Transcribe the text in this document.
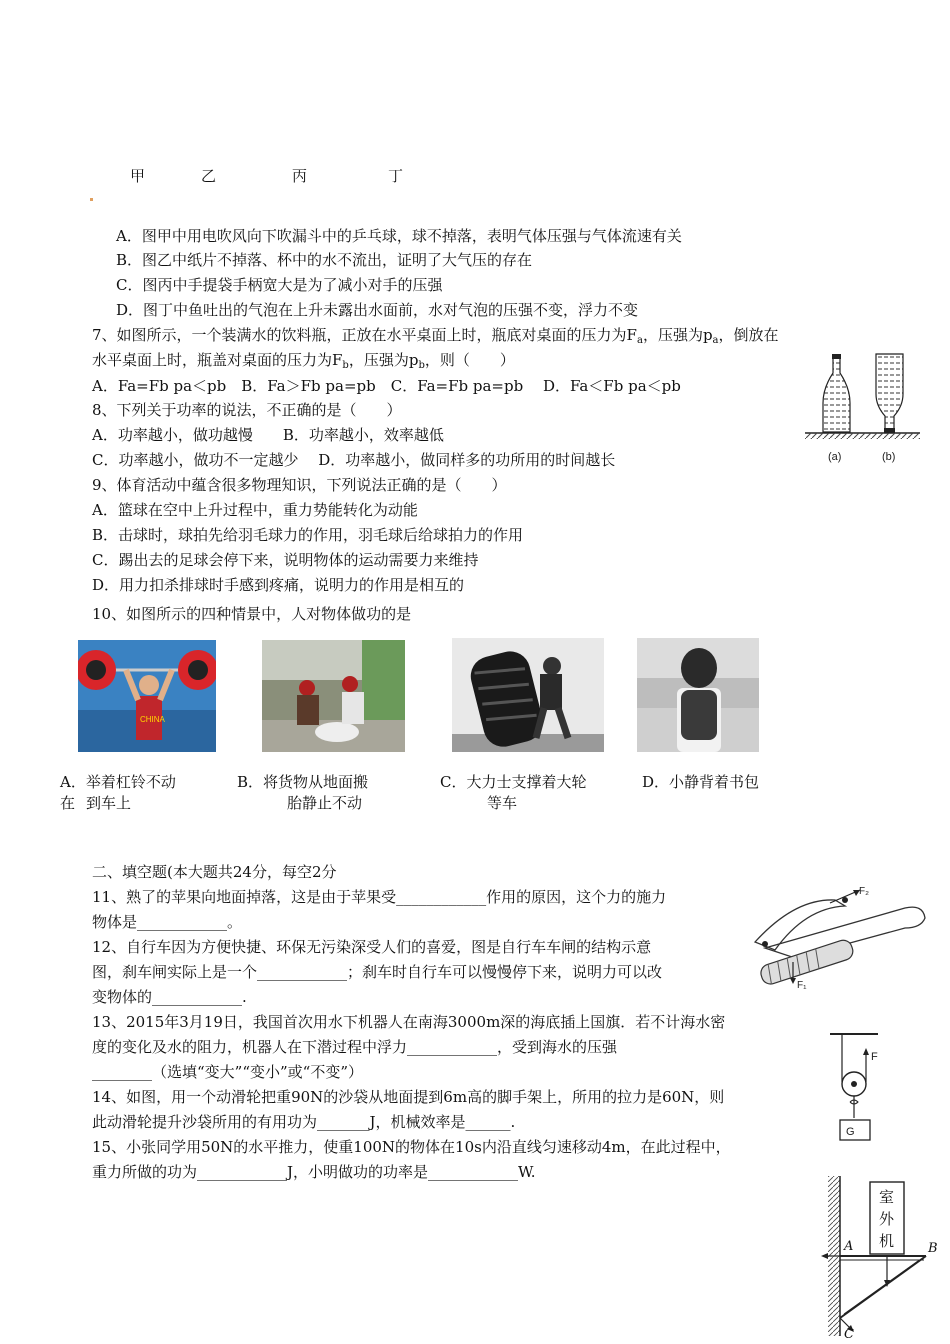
甲	乙	丙	丁
A．图甲中用电吹风向下吹漏斗中的乒乓球，球不掉落，表明气体压强与气体流速有关
B．图乙中纸片不掉落、杯中的水不流出，证明了大气压的存在
C．图丙中手提袋手柄宽大是为了减小对手的压强
D．图丁中鱼吐出的气泡在上升未露出水面前，水对气泡的压强不变，浮力不变
7、如图所示，一个装满水的饮料瓶，正放在水平桌面上时，瓶底对桌面的压力为$F_a$，压强为$p_a$，倒放在
水平桌面上时，瓶盖对桌面的压力为$F_b$，压强为$p_b$，则（　　）
A．Fa=Fb pa＜pb　B．Fa＞Fb pa=pb　C．Fa=Fb pa=pb　 D．Fa＜Fb pa＜pb
(a)	(b)
8、下列关于功率的说法，不正确的是（　　）
A．功率越小，做功越慢　　B．功率越小，效率越低
C．功率越小，做功不一定越少　 D．功率越小，做同样多的功所用的时间越长
9、体育活动中蕴含很多物理知识，下列说法正确的是（　　）
A．篮球在空中上升过程中，重力势能转化为动能
B．击球时，球拍先给羽毛球力的作用，羽毛球后给球拍力的作用
C．踢出去的足球会停下来，说明物体的运动需要力来维持
D．用力扣杀排球时手感到疼痛，说明力的作用是相互的
10、如图所示的四种情景中，人对物体做功的是
CHINA
A．举着杠铃不动
在 到车上
B．将货物从地面搬
胎静止不动
C．大力士支撑着大轮
等车
D．小静背着书包
二、填空题(本大题共24分，每空2分
11、熟了的苹果向地面掉落，这是由于苹果受____________作用的原因，这个力的施力
物体是____________。
12、自行车因为方便快捷、环保无污染深受人们的喜爱，图是自行车车闸的结构示意
图，刹车闸实际上是一个____________；刹车时自行车可以慢慢停下来，说明力可以改
变物体的____________.
13、2015年3月19日，我国首次用水下机器人在南海3000m深的海底插上国旗．若不计海水密
度的变化及水的阻力，机器人在下潜过程中浮力____________，受到海水的压强
________（选填“变大”“变小”或“不变”）
14、如图，用一个动滑轮把重90N的沙袋从地面提到6m高的脚手架上，所用的拉力是60N，则
此动滑轮提升沙袋所用的有用功为_______J，机械效率是______.
15、小张同学用50N的水平推力，使重100N的物体在10s内沿直线匀速移动4m，在此过程中，
重力所做的功为____________J，小明做功的功率是____________W.
F₂
F₁
F
G
室
外
机
A	B
C
